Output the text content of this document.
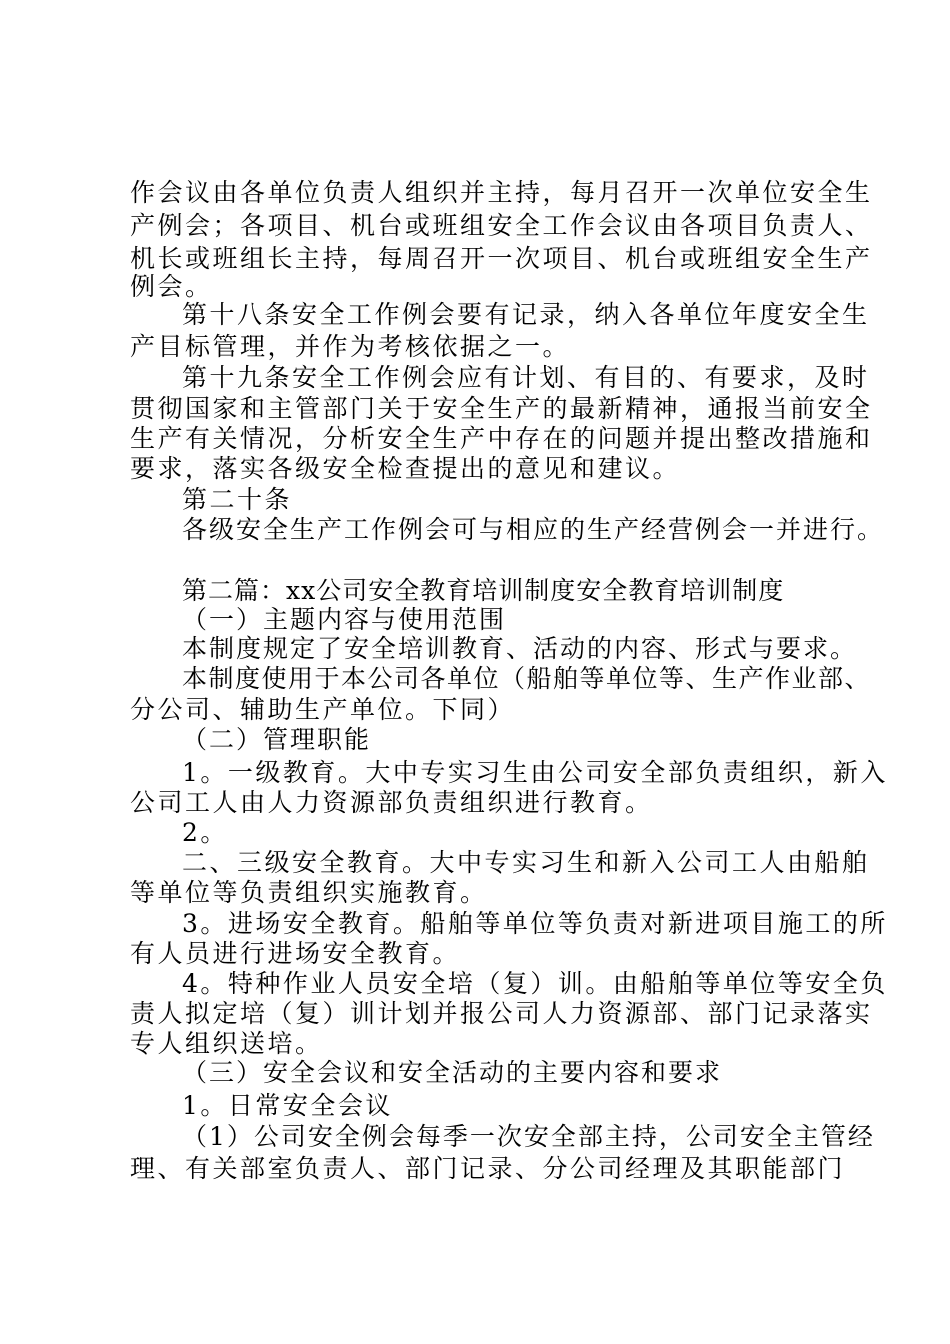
作会议由各单位负责人组织并主持，每月召开一次单位安全生
产例会；各项目、机台或班组安全工作会议由各项目负责人、
机长或班组长主持，每周召开一次项目、机台或班组安全生产
例会。
第十八条安全工作例会要有记录，纳入各单位年度安全生
产目标管理，并作为考核依据之一。
第十九条安全工作例会应有计划、有目的、有要求，及时
贯彻国家和主管部门关于安全生产的最新精神，通报当前安全
生产有关情况，分析安全生产中存在的问题并提出整改措施和
要求，落实各级安全检查提出的意见和建议。
第二十条
各级安全生产工作例会可与相应的生产经营例会一并进行。
第二篇：xx公司安全教育培训制度安全教育培训制度
（一）主题内容与使用范围
本制度规定了安全培训教育、活动的内容、形式与要求。
本制度使用于本公司各单位（船舶等单位等、生产作业部、
分公司、辅助生产单位。下同）
（二）管理职能
1。一级教育。大中专实习生由公司安全部负责组织，新入
公司工人由人力资源部负责组织进行教育。
2。
二、三级安全教育。大中专实习生和新入公司工人由船舶
等单位等负责组织实施教育。
3。进场安全教育。船舶等单位等负责对新进项目施工的所
有人员进行进场安全教育。
4。特种作业人员安全培（复）训。由船舶等单位等安全负
责人拟定培（复）训计划并报公司人力资源部、部门记录落实
专人组织送培。
（三）安全会议和安全活动的主要内容和要求
1。日常安全会议
（1）公司安全例会每季一次安全部主持，公司安全主管经
理、有关部室负责人、部门记录、分公司经理及其职能部门
